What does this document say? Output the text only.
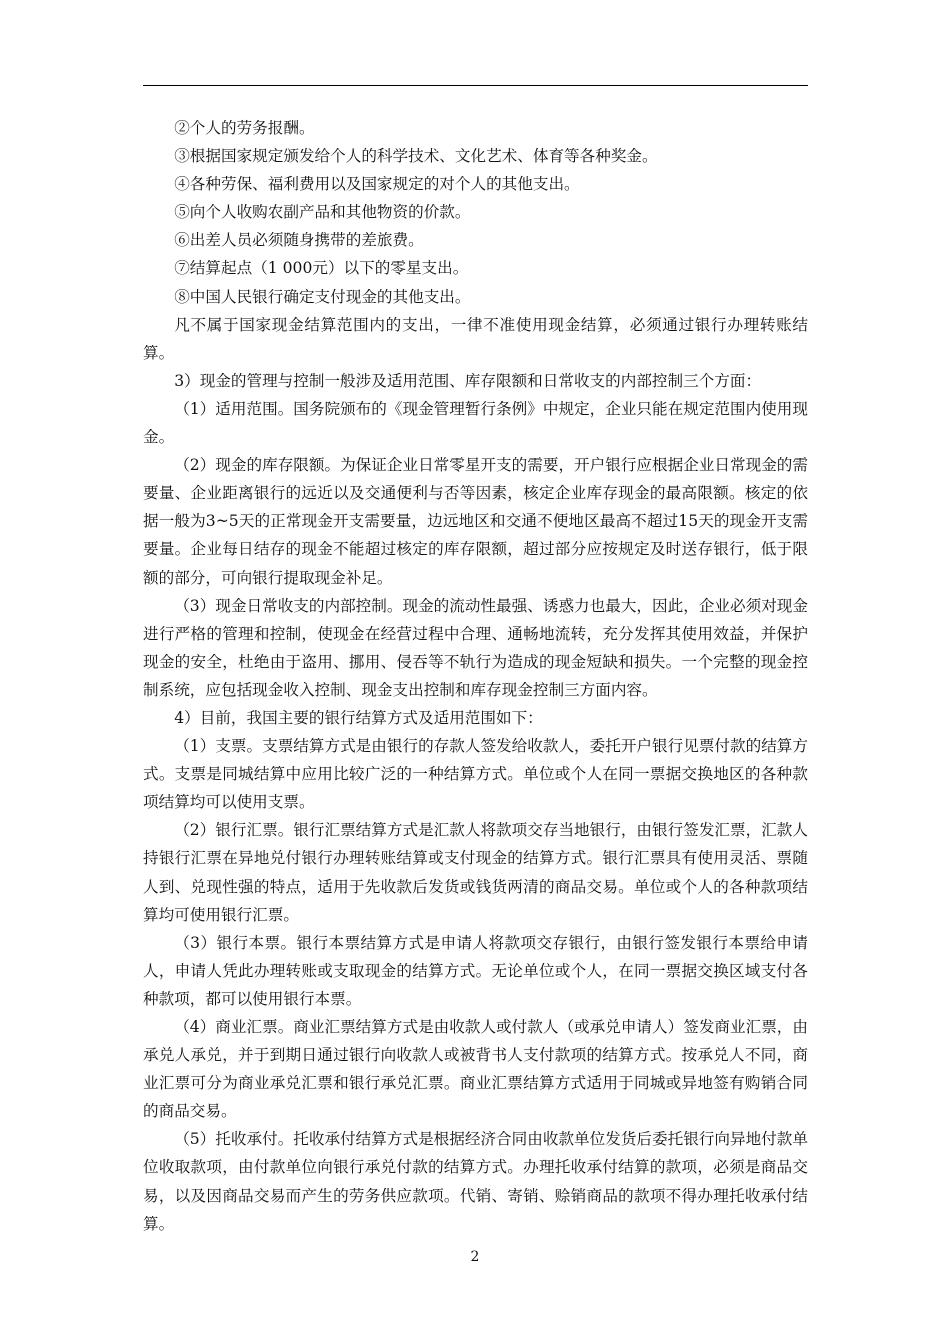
②个人的劳务报酬。

③根据国家规定颁发给个人的科学技术、文化艺术、体育等各种奖金。

④各种劳保、福利费用以及国家规定的对个人的其他支出。

⑤向个人收购农副产品和其他物资的价款。

⑥出差人员必须随身携带的差旅费。

⑦结算起点（1 000元）以下的零星支出。

⑧中国人民银行确定支付现金的其他支出。

凡不属于国家现金结算范围内的支出，一律不准使用现金结算，必须通过银行办理转账结算。

3）现金的管理与控制一般涉及适用范围、库存限额和日常收支的内部控制三个方面：

（1）适用范围。国务院颁布的《现金管理暂行条例》中规定，企业只能在规定范围内使用现金。

（2）现金的库存限额。为保证企业日常零星开支的需要，开户银行应根据企业日常现金的需要量、企业距离银行的远近以及交通便利与否等因素，核定企业库存现金的最高限额。核定的依据一般为3~5天的正常现金开支需要量，边远地区和交通不便地区最高不超过15天的现金开支需要量。企业每日结存的现金不能超过核定的库存限额，超过部分应按规定及时送存银行，低于限额的部分，可向银行提取现金补足。

（3）现金日常收支的内部控制。现金的流动性最强、诱惑力也最大，因此，企业必须对现金进行严格的管理和控制，使现金在经营过程中合理、通畅地流转，充分发挥其使用效益，并保护现金的安全，杜绝由于盗用、挪用、侵吞等不轨行为造成的现金短缺和损失。一个完整的现金控制系统，应包括现金收入控制、现金支出控制和库存现金控制三方面内容。

4）目前，我国主要的银行结算方式及适用范围如下：

（1）支票。支票结算方式是由银行的存款人签发给收款人，委托开户银行见票付款的结算方式。支票是同城结算中应用比较广泛的一种结算方式。单位或个人在同一票据交换地区的各种款项结算均可以使用支票。

（2）银行汇票。银行汇票结算方式是汇款人将款项交存当地银行，由银行签发汇票，汇款人持银行汇票在异地兑付银行办理转账结算或支付现金的结算方式。银行汇票具有使用灵活、票随人到、兑现性强的特点，适用于先收款后发货或钱货两清的商品交易。单位或个人的各种款项结算均可使用银行汇票。

（3）银行本票。银行本票结算方式是申请人将款项交存银行，由银行签发银行本票给申请人，申请人凭此办理转账或支取现金的结算方式。无论单位或个人，在同一票据交换区域支付各种款项，都可以使用银行本票。

（4）商业汇票。商业汇票结算方式是由收款人或付款人（或承兑申请人）签发商业汇票，由承兑人承兑，并于到期日通过银行向收款人或被背书人支付款项的结算方式。按承兑人不同，商业汇票可分为商业承兑汇票和银行承兑汇票。商业汇票结算方式适用于同城或异地签有购销合同的商品交易。

（5）托收承付。托收承付结算方式是根据经济合同由收款单位发货后委托银行向异地付款单位收取款项，由付款单位向银行承兑付款的结算方式。办理托收承付结算的款项，必须是商品交易，以及因商品交易而产生的劳务供应款项。代销、寄销、赊销商品的款项不得办理托收承付结算。

2
